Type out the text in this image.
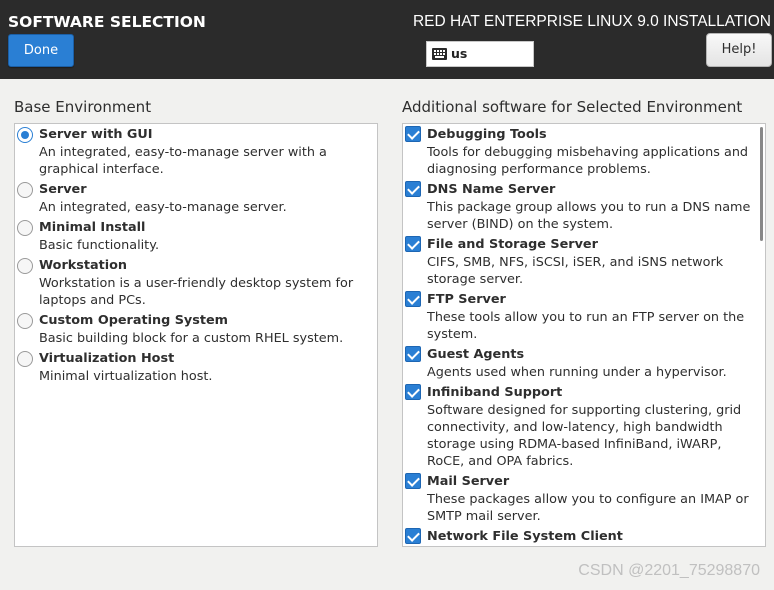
SOFTWARE SELECTION
Done
RED HAT ENTERPRISE LINUX 9.0 INSTALLATION
us	Help!
Base Environment	Additional software for Selected Environment
Server with GUI
An integrated, easy-to-manage server with a graphical interface.
Server
An integrated, easy-to-manage server.
Minimal Install
Basic functionality.
Workstation
Workstation is a user-friendly desktop system for laptops and PCs.
Custom Operating System
Basic building block for a custom RHEL system.
Virtualization Host
Minimal virtualization host.
Debugging Tools
Tools for debugging misbehaving applications and diagnosing performance problems.
DNS Name Server
This package group allows you to run a DNS name server (BIND) on the system.
File and Storage Server
CIFS, SMB, NFS, iSCSI, iSER, and iSNS network storage server.
FTP Server
These tools allow you to run an FTP server on the system.
Guest Agents
Agents used when running under a hypervisor.
Infiniband Support
Software designed for supporting clustering, grid connectivity, and low-latency, high bandwidth storage using RDMA-based InfiniBand, iWARP, RoCE, and OPA fabrics.
Mail Server
These packages allow you to configure an IMAP or SMTP mail server.
Network File System Client
CSDN @2201_75298870
